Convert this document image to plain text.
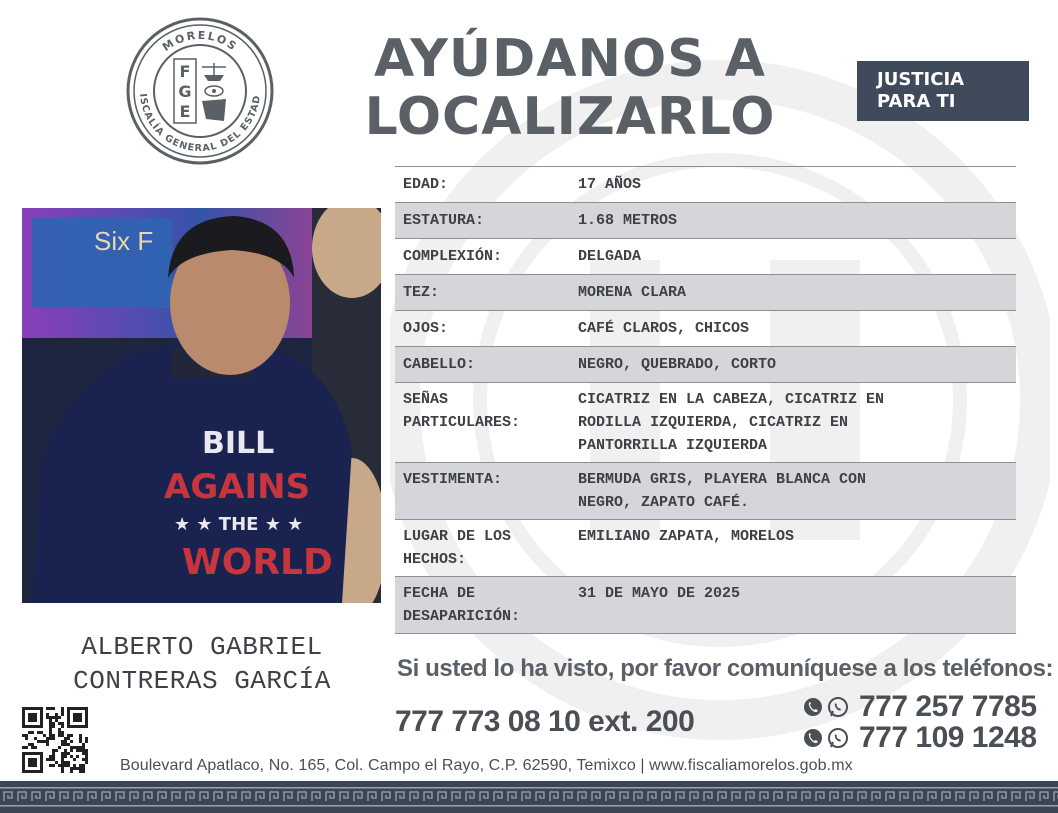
MORELOS
ISCALÍA GENERAL DEL ESTAD
F
G
E
AYÚDANOS A
LOCALIZARLO
JUSTICIA
PARA TI
Six F
BILL
AGAINS
★ ★ THE ★ ★
WORLD
ALBERTO GABRIEL
CONTRERAS GARCÍA
EDAD:	17 AÑOS

ESTATURA:	1.68 METROS

COMPLEXIÓN:	DELGADA

TEZ:	MORENA CLARA

OJOS:	CAFÉ CLAROS, CHICOS

CABELLO:	NEGRO, QUEBRADO, CORTO

SEÑAS
PARTICULARES:	CICATRIZ EN LA CABEZA, CICATRIZ EN
RODILLA IZQUIERDA, CICATRIZ EN
PANTORRILLA IZQUIERDA

VESTIMENTA:	BERMUDA GRIS, PLAYERA BLANCA CON
NEGRO, ZAPATO CAFÉ.

LUGAR DE LOS
HECHOS:	EMILIANO ZAPATA, MORELOS

FECHA DE
DESAPARICIÓN:	31 DE MAYO DE 2025
Si usted lo ha visto, por favor comuníquese a los teléfonos:
777 773 08 10 ext. 200	777 257 7785
777 109 1248
Boulevard Apatlaco, No. 165, Col. Campo el Rayo, C.P. 62590, Temixco | www.fiscaliamorelos.gob.mx
